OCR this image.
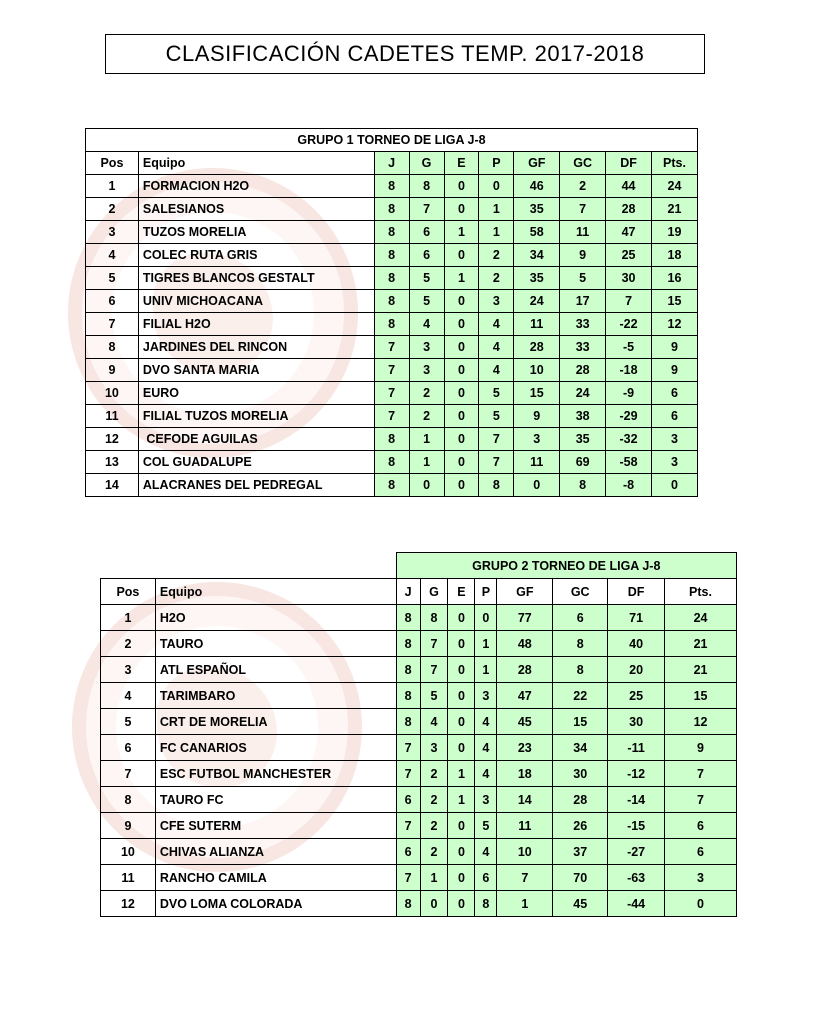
CLASIFICACIÓN CADETES TEMP. 2017-2018
GRUPO 1 TORNEO DE LIGA J-8									
Pos	Equipo	J	G	E	P	GF	GC	DF	Pts.
1	FORMACION H2O	8	8	0	0	46	2	44	24
2	SALESIANOS	8	7	0	1	35	7	28	21
3	TUZOS MORELIA	8	6	1	1	58	11	47	19
4	COLEC RUTA GRIS	8	6	0	2	34	9	25	18
5	TIGRES BLANCOS GESTALT	8	5	1	2	35	5	30	16
6	UNIV MICHOACANA	8	5	0	3	24	17	7	15
7	FILIAL H2O	8	4	0	4	11	33	-22	12
8	JARDINES DEL RINCON	7	3	0	4	28	33	-5	9
9	DVO SANTA MARIA	7	3	0	4	10	28	-18	9
10	EURO	7	2	0	5	15	24	-9	6
11	FILIAL TUZOS MORELIA	7	2	0	5	9	38	-29	6
12	CEFODE AGUILAS	8	1	0	7	3	35	-32	3
13	COL GUADALUPE	8	1	0	7	11	69	-58	3
14	ALACRANES DEL PEDREGAL	8	0	0	8	0	8	-8	0
		GRUPO 2 TORNEO DE LIGA J-8							
Pos	Equipo	J	G	E	P	GF	GC	DF	Pts.
1	H2O	8	8	0	0	77	6	71	24
2	TAURO	8	7	0	1	48	8	40	21
3	ATL ESPAÑOL	8	7	0	1	28	8	20	21
4	TARIMBARO	8	5	0	3	47	22	25	15
5	CRT DE MORELIA	8	4	0	4	45	15	30	12
6	FC CANARIOS	7	3	0	4	23	34	-11	9
7	ESC FUTBOL MANCHESTER	7	2	1	4	18	30	-12	7
8	TAURO FC	6	2	1	3	14	28	-14	7
9	CFE SUTERM	7	2	0	5	11	26	-15	6
10	CHIVAS ALIANZA	6	2	0	4	10	37	-27	6
11	RANCHO CAMILA	7	1	0	6	7	70	-63	3
12	DVO LOMA COLORADA	8	0	0	8	1	45	-44	0
